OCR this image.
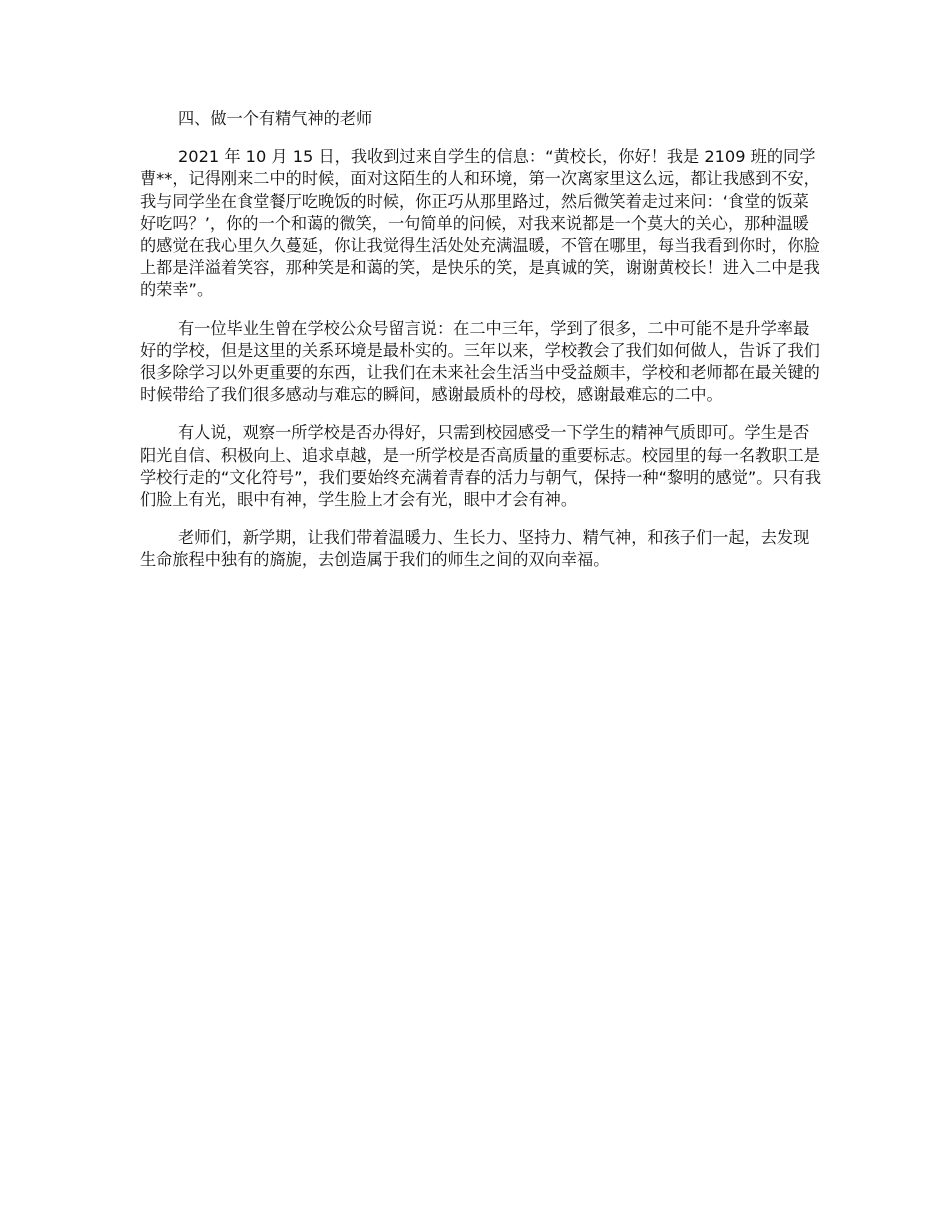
四、做一个有精气神的老师

2021 年 10 月 15 日，我收到过来自学生的信息：“黄校长，你好！我是 2109 班的同学曹**，记得刚来二中的时候，面对这陌生的人和环境，第一次离家里这么远，都让我感到不安，我与同学坐在食堂餐厅吃晚饭的时候，你正巧从那里路过，然后微笑着走过来问：‘食堂的饭菜好吃吗？’，你的一个和蔼的微笑，一句简单的问候，对我来说都是一个莫大的关心，那种温暖的感觉在我心里久久蔓延，你让我觉得生活处处充满温暖，不管在哪里，每当我看到你时，你脸上都是洋溢着笑容，那种笑是和蔼的笑，是快乐的笑，是真诚的笑，谢谢黄校长！进入二中是我的荣幸”。

有一位毕业生曾在学校公众号留言说：在二中三年，学到了很多，二中可能不是升学率最好的学校，但是这里的关系环境是最朴实的。三年以来，学校教会了我们如何做人，告诉了我们很多除学习以外更重要的东西，让我们在未来社会生活当中受益颇丰，学校和老师都在最关键的时候带给了我们很多感动与难忘的瞬间，感谢最质朴的母校，感谢最难忘的二中。

有人说，观察一所学校是否办得好，只需到校园感受一下学生的精神气质即可。学生是否阳光自信、积极向上、追求卓越，是一所学校是否高质量的重要标志。校园里的每一名教职工是学校行走的“文化符号”，我们要始终充满着青春的活力与朝气，保持一种“黎明的感觉”。只有我们脸上有光，眼中有神，学生脸上才会有光，眼中才会有神。

老师们，新学期，让我们带着温暖力、生长力、坚持力、精气神，和孩子们一起，去发现生命旅程中独有的旖旎，去创造属于我们的师生之间的双向幸福。
